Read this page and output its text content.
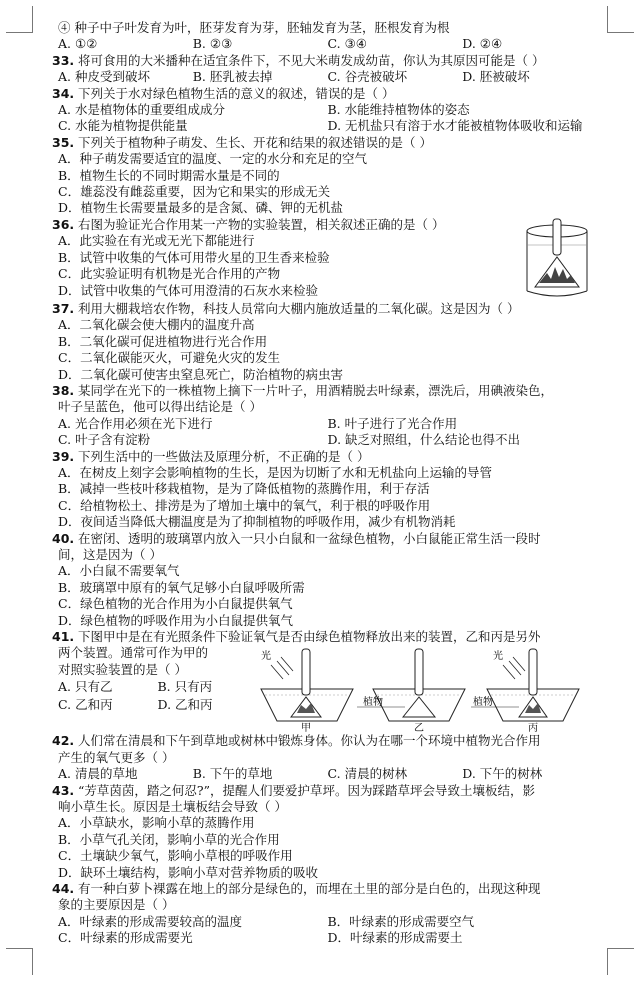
④ 种子中子叶发育为叶，胚芽发育为芽，胚轴发育为茎，胚根发育为根
A. ①②	B. ②③	C. ③④	D. ②④
33. 将可食用的大米播种在适宜条件下，不见大米萌发成幼苗，你认为其原因可能是（ ）
A. 种皮受到破坏	B. 胚乳被去掉	C. 谷壳被破坏	D. 胚被破坏
34. 下列关于水对绿色植物生活的意义的叙述，错误的是（ ）
A. 水是植物体的重要组成成分	B. 水能维持植物体的姿态
C. 水能为植物提供能量	D. 无机盐只有溶于水才能被植物体吸收和运输
35. 下列关于植物种子萌发、生长、开花和结果的叙述错误的是（ ）
A．种子萌发需要适宜的温度、一定的水分和充足的空气
B．植物生长的不同时期需水量是不同的
C．雄蕊没有雌蕊重要，因为它和果实的形成无关
D．植物生长需要量最多的是含氮、磷、钾的无机盐
36. 右图为验证光合作用某一产物的实验装置，相关叙述正确的是（ ）
A．此实验在有光或无光下都能进行
B．试管中收集的气体可用带火星的卫生香来检验
C．此实验证明有机物是光合作用的产物
D．试管中收集的气体可用澄清的石灰水来检验
37. 利用大棚栽培农作物，科技人员常向大棚内施放适量的二氧化碳。这是因为（ ）
A．二氧化碳会使大棚内的温度升高
B．二氧化碳可促进植物进行光合作用
C．二氧化碳能灭火，可避免火灾的发生
D．二氧化碳可使害虫窒息死亡，防治植物的病虫害
38. 某同学在光下的一株植物上摘下一片叶子，用酒精脱去叶绿素，漂洗后，用碘液染色，
叶子呈蓝色，他可以得出结论是（ ）
A. 光合作用必须在光下进行	B. 叶子进行了光合作用
C. 叶子含有淀粉	D. 缺乏对照组，什么结论也得不出
39. 下列生活中的一些做法及原理分析，不正确的是（ ）
A．在树皮上刻字会影响植物的生长，是因为切断了水和无机盐向上运输的导管
B．减掉一些枝叶移栽植物，是为了降低植物的蒸腾作用，利于存活
C．给植物松土、排涝是为了增加土壤中的氧气，利于根的呼吸作用
D．夜间适当降低大棚温度是为了抑制植物的呼吸作用，减少有机物消耗
40. 在密闭、透明的玻璃罩内放入一只小白鼠和一盆绿色植物，小白鼠能正常生活一段时
间，这是因为（ ）
A．小白鼠不需要氧气
B．玻璃罩中原有的氧气足够小白鼠呼吸所需
C．绿色植物的光合作用为小白鼠提供氧气
D．绿色植物的呼吸作用为小白鼠提供氧气
41. 下图甲中是在有光照条件下验证氧气是否由绿色植物释放出来的装置，乙和丙是另外
两个装置。通常可作为甲的
对照实验装置的是（ ）
A. 只有乙	B. 只有丙
C. 乙和丙	D. 乙和丙
光
甲
植物
乙
植物
光
丙
42. 人们常在清晨和下午到草地或树林中锻炼身体。你认为在哪一个环境中植物光合作用
产生的氧气更多（ ）
A. 清晨的草地	B. 下午的草地	C. 清晨的树林	D. 下午的树林
43. “芳草茵茵，踏之何忍?”，提醒人们要爱护草坪。因为踩踏草坪会导致土壤板结，影
响小草生长。原因是土壤板结会导致（ ）
A．小草缺水，影响小草的蒸腾作用
B．小草气孔关闭，影响小草的光合作用
C．土壤缺少氧气，影响小草根的呼吸作用
D．缺环土壤结构，影响小草对营养物质的吸收
44. 有一种白萝卜裸露在地上的部分是绿色的，而埋在土里的部分是白色的，出现这种现
象的主要原因是（ ）
A．叶绿素的形成需要较高的温度	B．叶绿素的形成需要空气
C．叶绿素的形成需要光	D．叶绿素的形成需要土
